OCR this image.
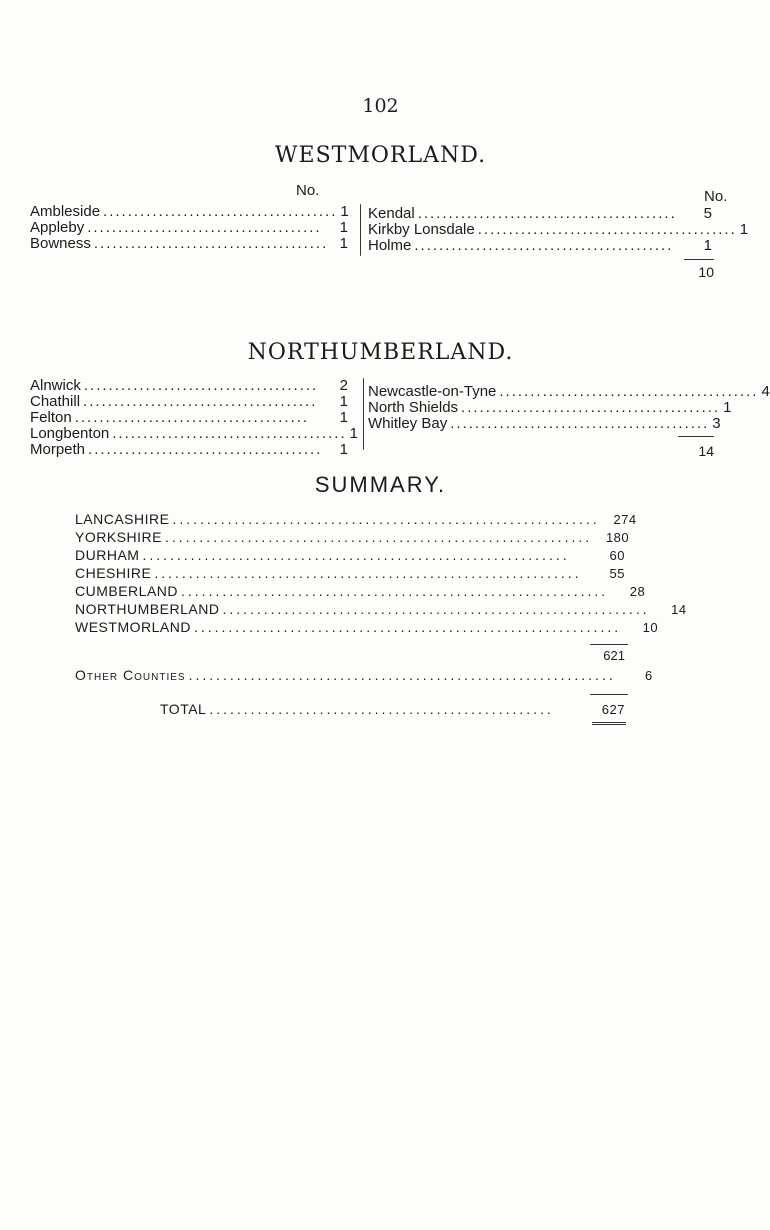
102
WESTMORLAND.
No.	No.
Ambleside ...................................... 1
Appleby ......................................	1
Bowness ...................................... 1
Kendal ..........................................	5
Kirkby Lonsdale .......................................... 1
Holme ..........................................	1
10
NORTHUMBERLAND.
Alnwick ......................................	2
Chathill ......................................	1
Felton ......................................	1
Longbenton ...................................... 1
Morpeth ......................................	1
Newcastle-on-Tyne .......................................... 4
North Shields .......................................... 1
Whitley Bay .......................................... 3
14
SUMMARY.
LANCASHIRE ..............................................................	274
YORKSHIRE ..............................................................	180
DURHAM ..............................................................	60
CHESHIRE ..............................................................	55
CUMBERLAND ..............................................................	28
NORTHUMBERLAND ..............................................................	14
WESTMORLAND ..............................................................	10
621
Other Counties ..............................................................	6
TOTAL ..................................................	627
